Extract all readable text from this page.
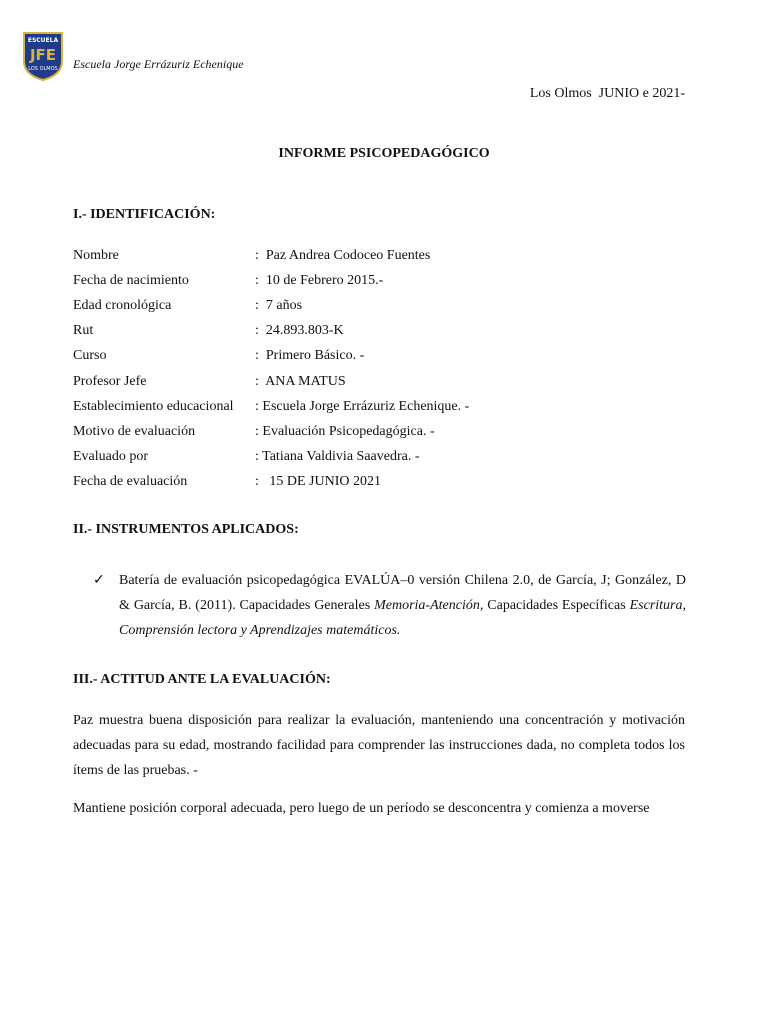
ESCUELA
JFE
LOS OLMOS Escuela Jorge Errázuriz Echenique
Los Olmos  JUNIO e 2021-
INFORME PSICOPEDAGÓGICO
I.- IDENTIFICACIÓN:
Nombre	:  Paz Andrea Codoceo Fuentes
Fecha de nacimiento	:  10 de Febrero 2015.-
Edad cronológica	:  7 años
Rut	:  24.893.803-K
Curso	:  Primero Básico. -
Profesor Jefe	:  ANA MATUS
Establecimiento educacional	: Escuela Jorge Errázuriz Echenique. -
Motivo de evaluación	: Evaluación Psicopedagógica. -
Evaluado por	: Tatiana Valdivia Saavedra. -
Fecha de evaluación	:   15 DE JUNIO 2021
II.- INSTRUMENTOS APLICADOS:
✓	Batería de evaluación psicopedagógica EVALÚA–0 versión Chilena 2.0, de García, J; González, D & García, B. (2011). Capacidades Generales Memoria-Atención, Capacidades Específicas Escritura, Comprensión lectora y Aprendizajes matemáticos.
III.- ACTITUD ANTE LA EVALUACIÓN:
Paz muestra buena disposición para realizar la evaluación, manteniendo una concentración y motivación adecuadas para su edad, mostrando facilidad para comprender las instrucciones dada, no completa todos los ítems de las pruebas. -
Mantiene posición corporal adecuada, pero luego de un período se desconcentra y comienza a moverse
